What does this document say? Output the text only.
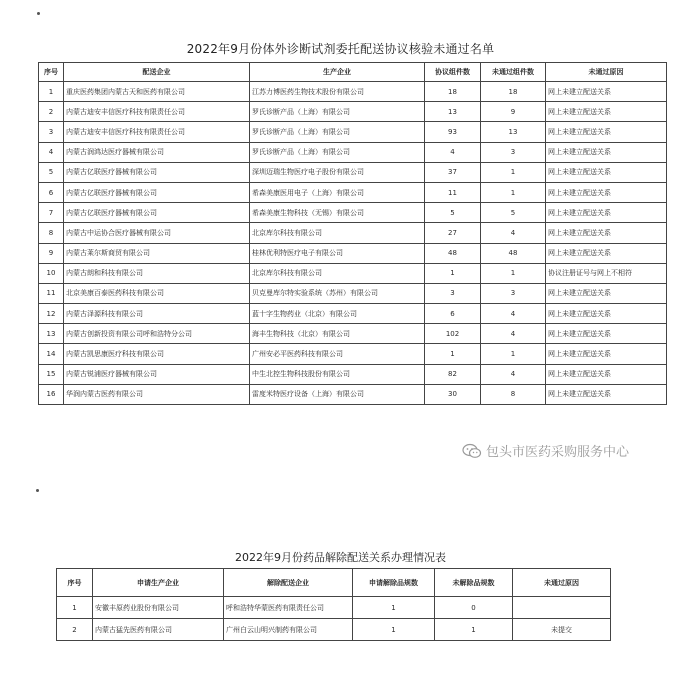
2022年9月份体外诊断试剂委托配送协议核验未通过名单
序号	配送企业	生产企业	协议组件数	未通过组件数	未通过原因
1	重庆医药集团内蒙古天和医药有限公司	江苏力博医药生物技术股份有限公司	18	18	网上未建立配送关系
2	内蒙古迪安丰信医疗科技有限责任公司	罗氏诊断产品（上海）有限公司	13	9	网上未建立配送关系
3	内蒙古迪安丰信医疗科技有限责任公司	罗氏诊断产品（上海）有限公司	93	13	网上未建立配送关系
4	内蒙古润鸿达医疗器械有限公司	罗氏诊断产品（上海）有限公司	4	3	网上未建立配送关系
5	内蒙古亿联医疗器械有限公司	深圳迈瑞生物医疗电子股份有限公司	37	1	网上未建立配送关系
6	内蒙古亿联医疗器械有限公司	希森美康医用电子（上海）有限公司	11	1	网上未建立配送关系
7	内蒙古亿联医疗器械有限公司	希森美康生物科技（无锡）有限公司	5	5	网上未建立配送关系
8	内蒙古中运协合医疗器械有限公司	北京库尔科技有限公司	27	4	网上未建立配送关系
9	内蒙古莱尔斯商贸有限公司	桂林优利特医疗电子有限公司	48	48	网上未建立配送关系
10	内蒙古朗和科技有限公司	北京库尔科技有限公司	1	1	协议注册证号与网上不相符
11	北京美康百泰医药科技有限公司	贝克曼库尔特实验系统（苏州）有限公司	3	3	网上未建立配送关系
12	内蒙古泽源科技有限公司	蓝十字生物药业（北京）有限公司	6	4	网上未建立配送关系
13	内蒙古创新投资有限公司呼和浩特分公司	海丰生物科技（北京）有限公司	102	4	网上未建立配送关系
14	内蒙古凯思康医疗科技有限公司	广州安必平医药科技有限公司	1	1	网上未建立配送关系
15	内蒙古锐浦医疗器械有限公司	中生北控生物科技股份有限公司	82	4	网上未建立配送关系
16	华润内蒙古医药有限公司	雷度米特医疗设备（上海）有限公司	30	8	网上未建立配送关系
包头市医药采购服务中心
2022年9月份药品解除配送关系办理情况表
序号	申请生产企业	解除配送企业	申请解除品规数	未解除品规数	未通过原因
1	安徽丰原药业股份有限公司	呼和浩特华蒙医药有限责任公司	1	0	
2	内蒙古猛先医药有限公司	广州白云山明兴制药有限公司	1	1	未提交
